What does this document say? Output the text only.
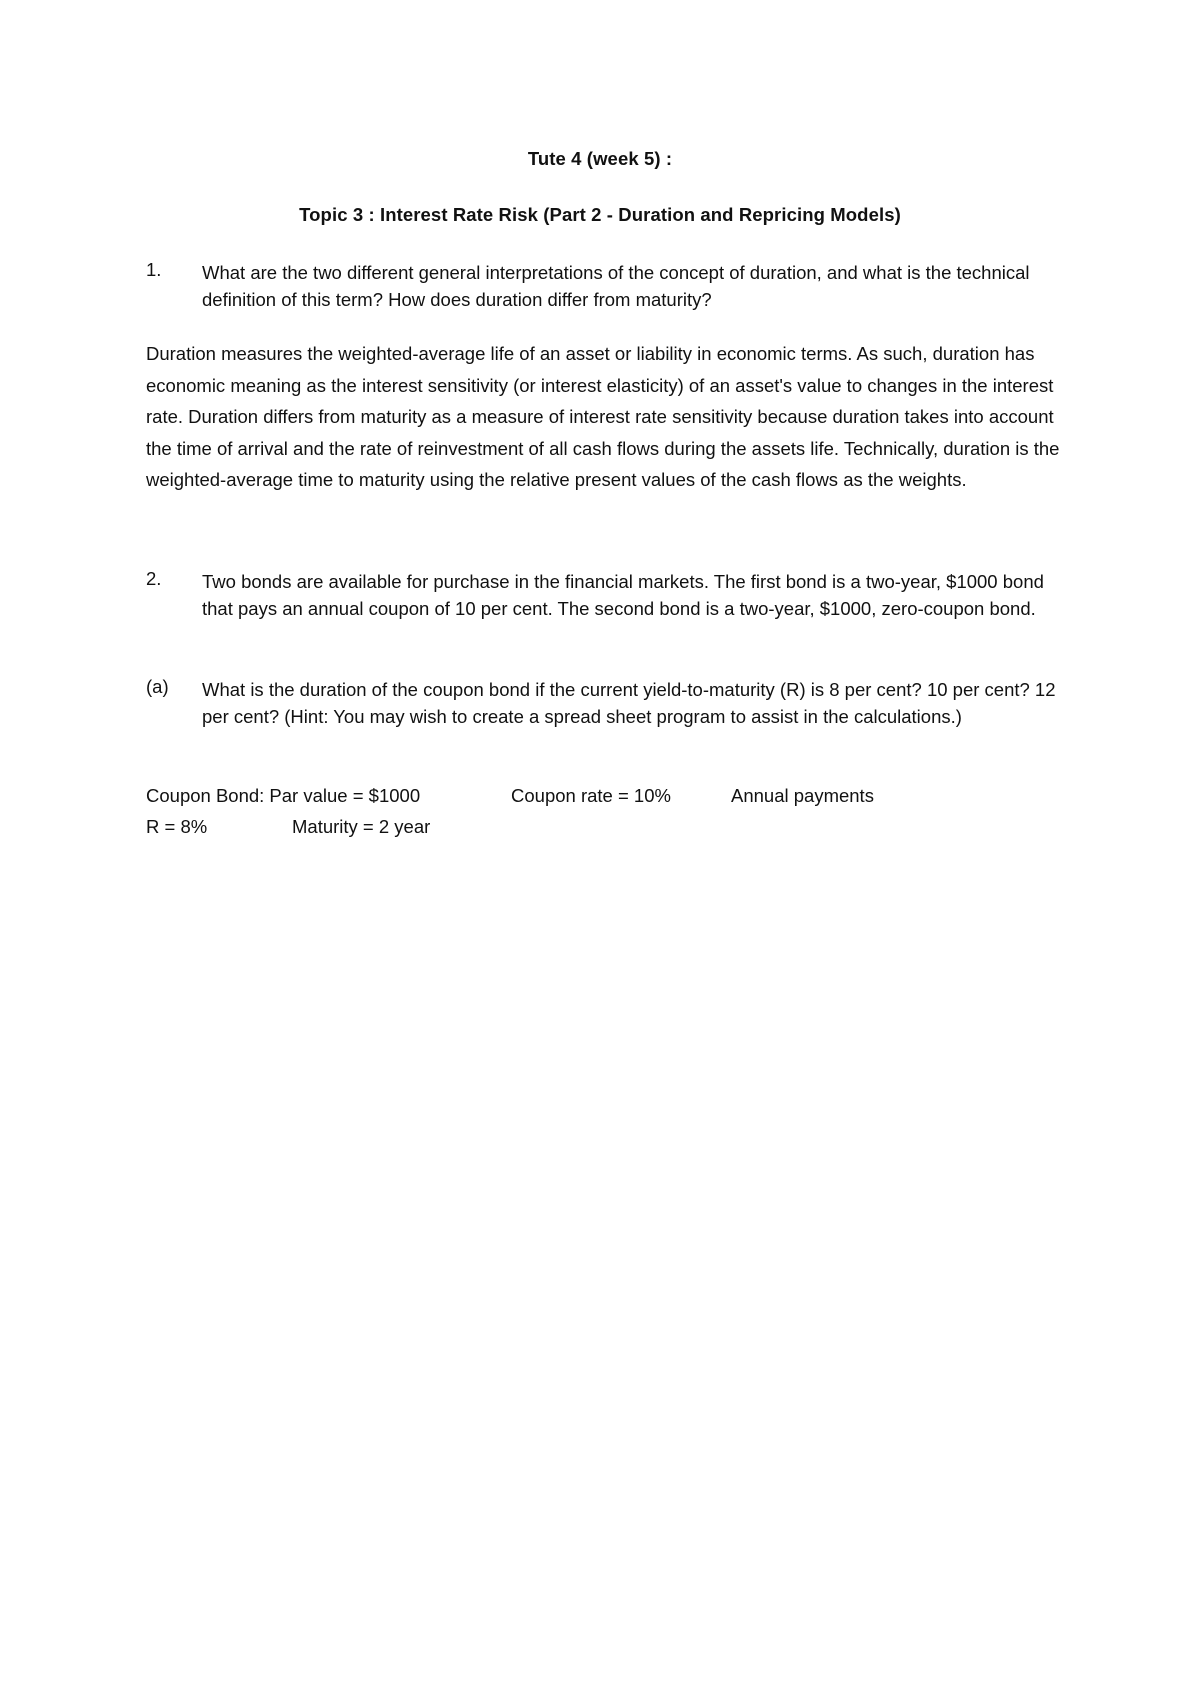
Tute 4 (week 5) :
Topic 3 : Interest Rate Risk (Part 2 - Duration and Repricing Models)
1. What are the two different general interpretations of the concept of duration, and what is the technical definition of this term? How does duration differ from maturity?

Duration measures the weighted-average life of an asset or liability in economic terms. As such, duration has economic meaning as the interest sensitivity (or interest elasticity) of an asset's value to changes in the interest rate. Duration differs from maturity as a measure of interest rate sensitivity because duration takes into account the time of arrival and the rate of reinvestment of all cash flows during the assets life. Technically, duration is the weighted-average time to maturity using the relative present values of the cash flows as the weights.

2. Two bonds are available for purchase in the financial markets. The first bond is a two-year, $1000 bond that pays an annual coupon of 10 per cent. The second bond is a two-year, $1000, zero-coupon bond.
(a) What is the duration of the coupon bond if the current yield-to-maturity (R) is 8 per cent? 10 per cent? 12 per cent? (Hint: You may wish to create a spread sheet program to assist in the calculations.)
Coupon Bond: Par value = $1000	Coupon rate = 10%	Annual payments
R = 8%	Maturity = 2 year
